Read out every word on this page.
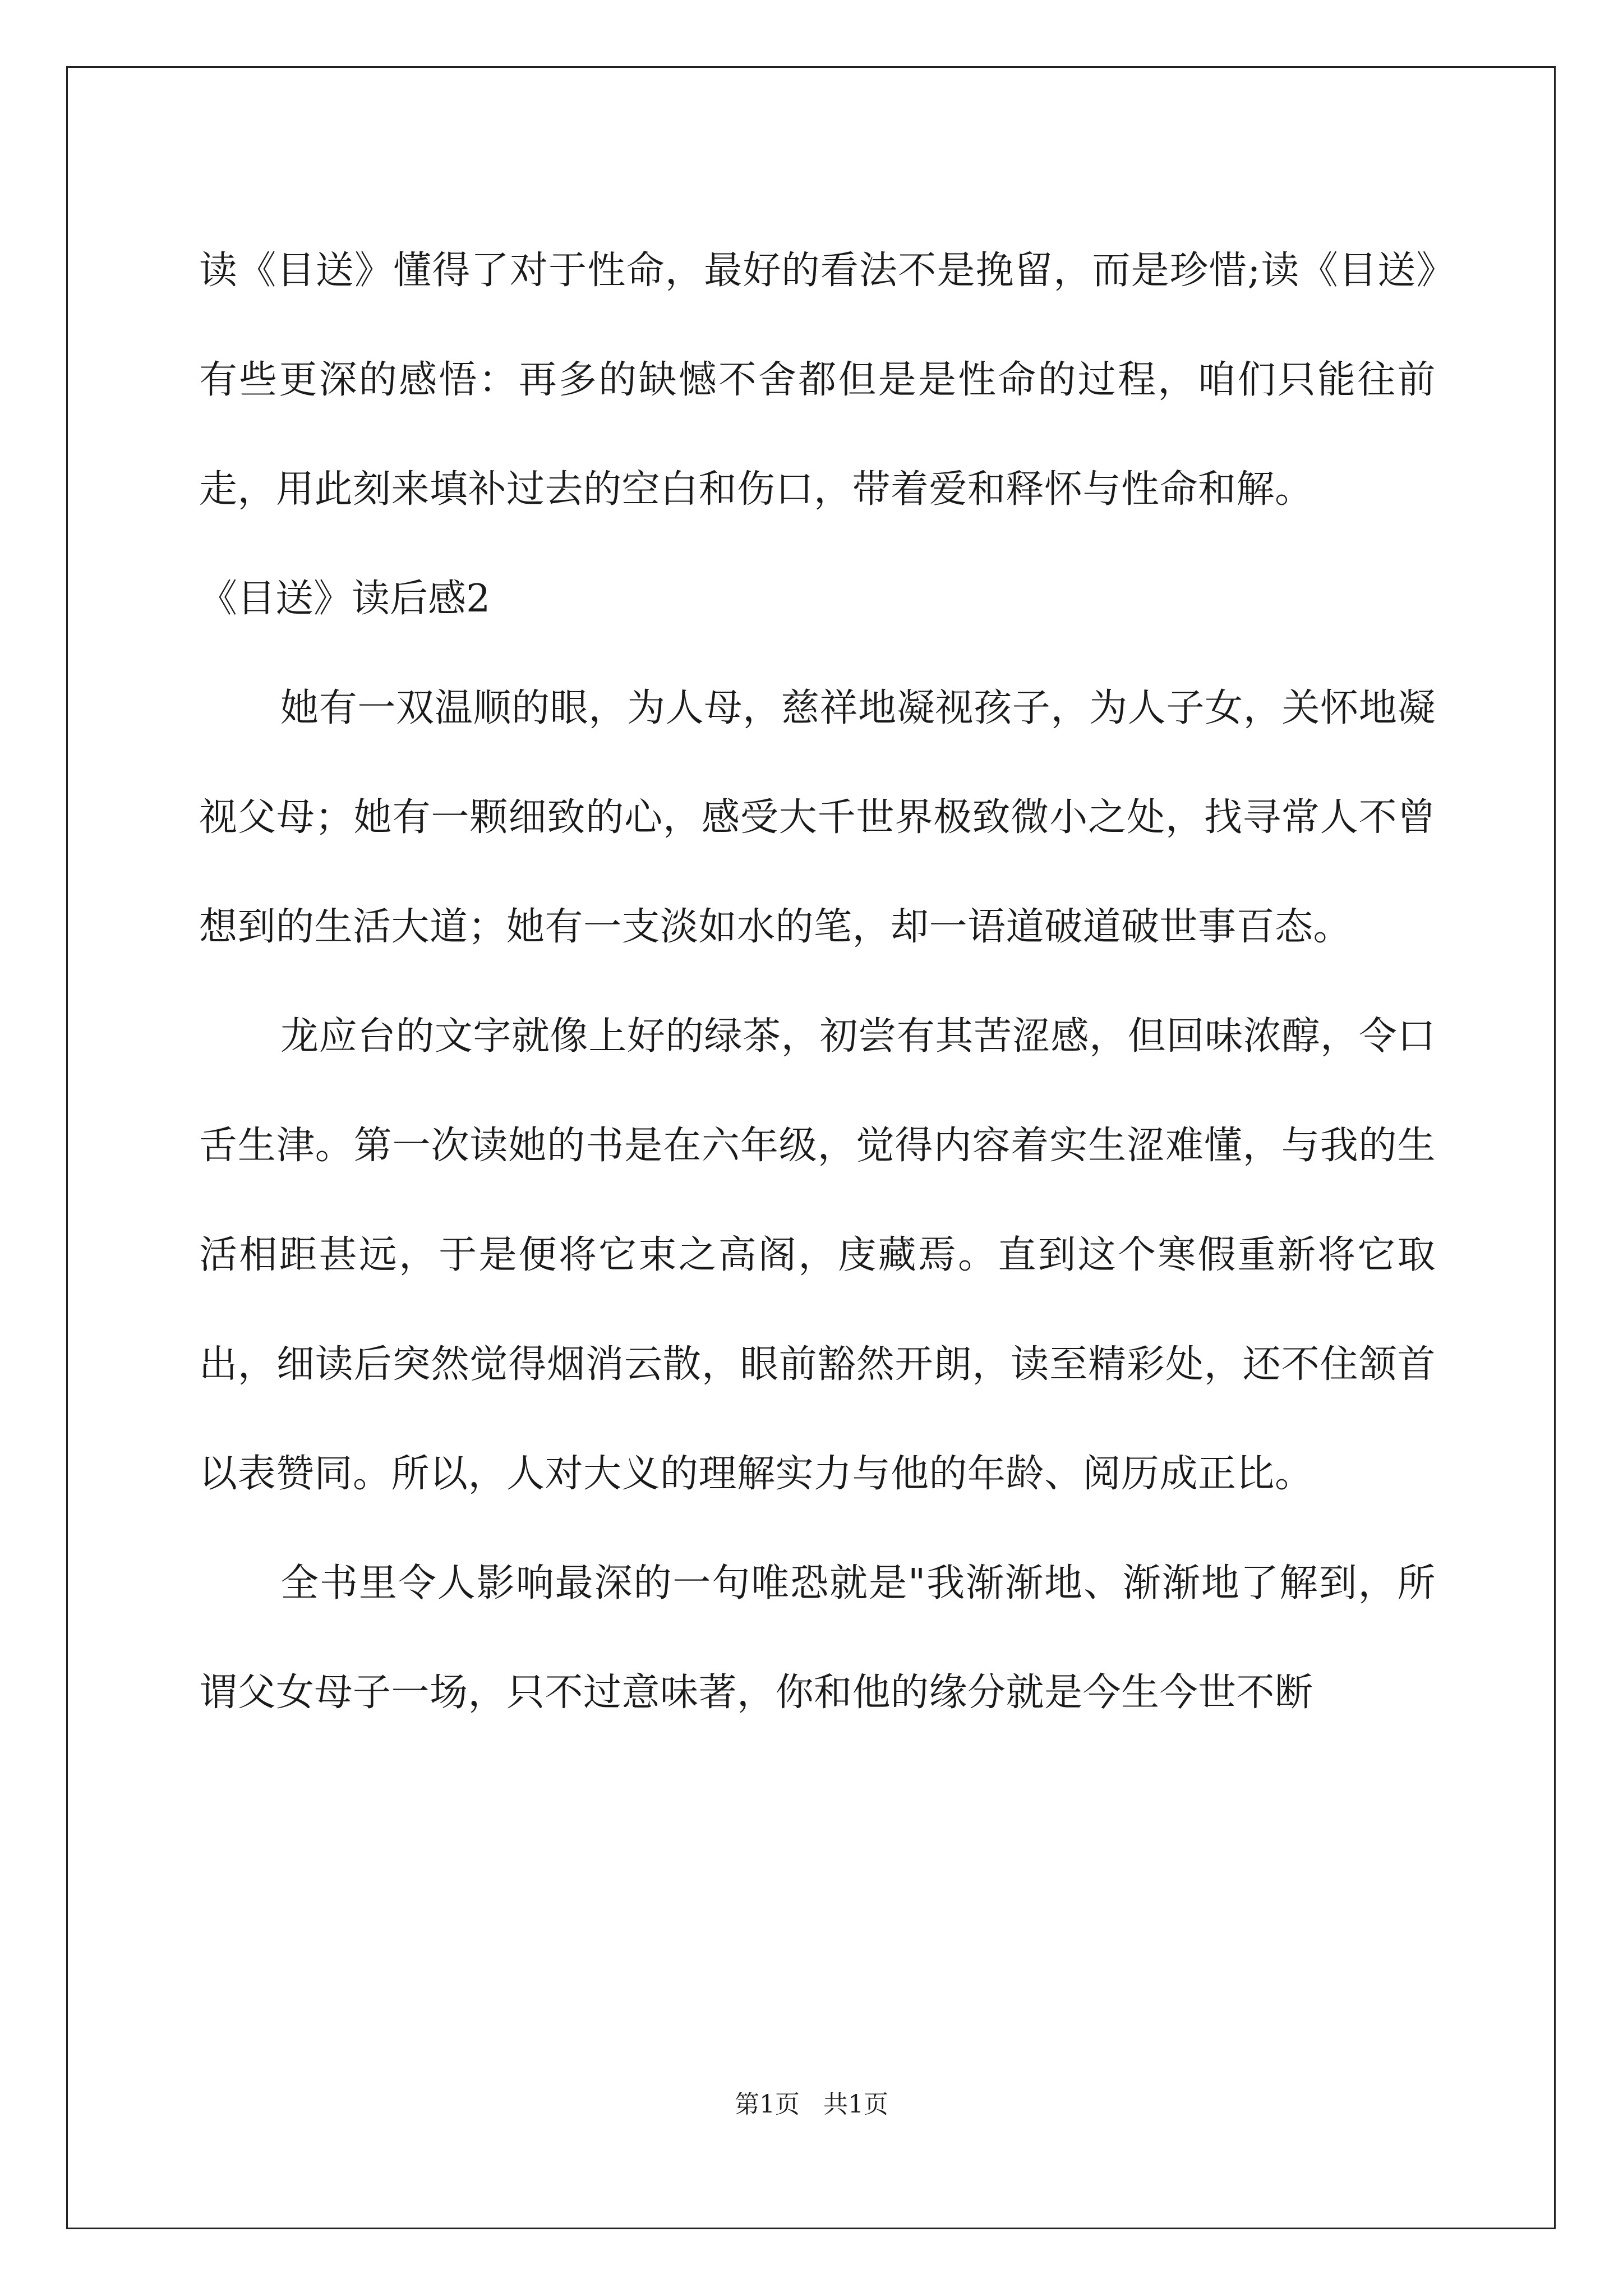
读《目送》懂得了对于性命，最好的看法不是挽留，而是珍惜;读《目送》有些更深的感悟：再多的缺憾不舍都但是是性命的过程，咱们只能往前走，用此刻来填补过去的空白和伤口，带着爱和释怀与性命和解。

《目送》读后感2

她有一双温顺的眼，为人母，慈祥地凝视孩子，为人子女，关怀地凝视父母；她有一颗细致的心，感受大千世界极致微小之处，找寻常人不曾想到的生活大道；她有一支淡如水的笔，却一语道破道破世事百态。

龙应台的文字就像上好的绿茶，初尝有其苦涩感，但回味浓醇，令口舌生津。第一次读她的书是在六年级，觉得内容着实生涩难懂，与我的生活相距甚远，于是便将它束之高阁，庋藏焉。直到这个寒假重新将它取出，细读后突然觉得烟消云散，眼前豁然开朗，读至精彩处，还不住颔首以表赞同。所以，人对大义的理解实力与他的年龄、阅历成正比。

全书里令人影响最深的一句唯恐就是"我渐渐地、渐渐地了解到，所谓父女母子一场，只不过意味著，你和他的缘分就是今生今世不断

第1页 共1页
